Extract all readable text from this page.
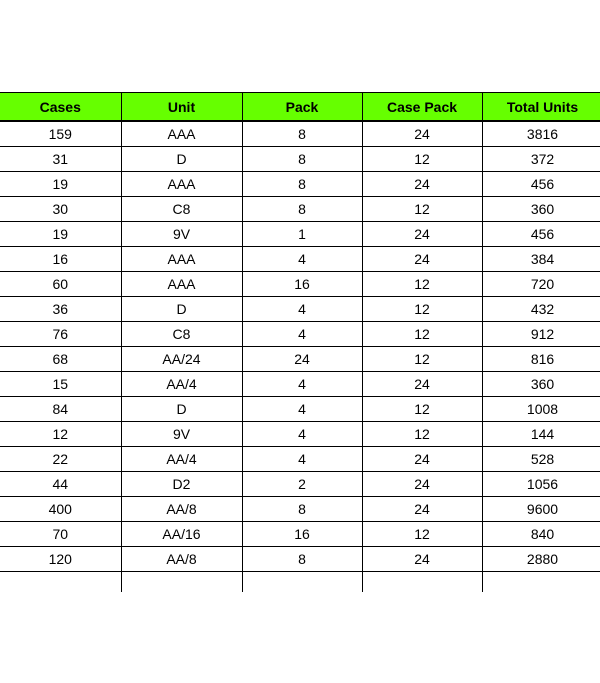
Cases	Unit	Pack	Case Pack	Total Units
159	AAA	8	24	3816
31	D	8	12	372
19	AAA	8	24	456
30	C8	8	12	360
19	9V	1	24	456
16	AAA	4	24	384
60	AAA	16	12	720
36	D	4	12	432
76	C8	4	12	912
68	AA/24	24	12	816
15	AA/4	4	24	360
84	D	4	12	1008
12	9V	4	12	144
22	AA/4	4	24	528
44	D2	2	24	1056
400	AA/8	8	24	9600
70	AA/16	16	12	840
120	AA/8	8	24	2880
